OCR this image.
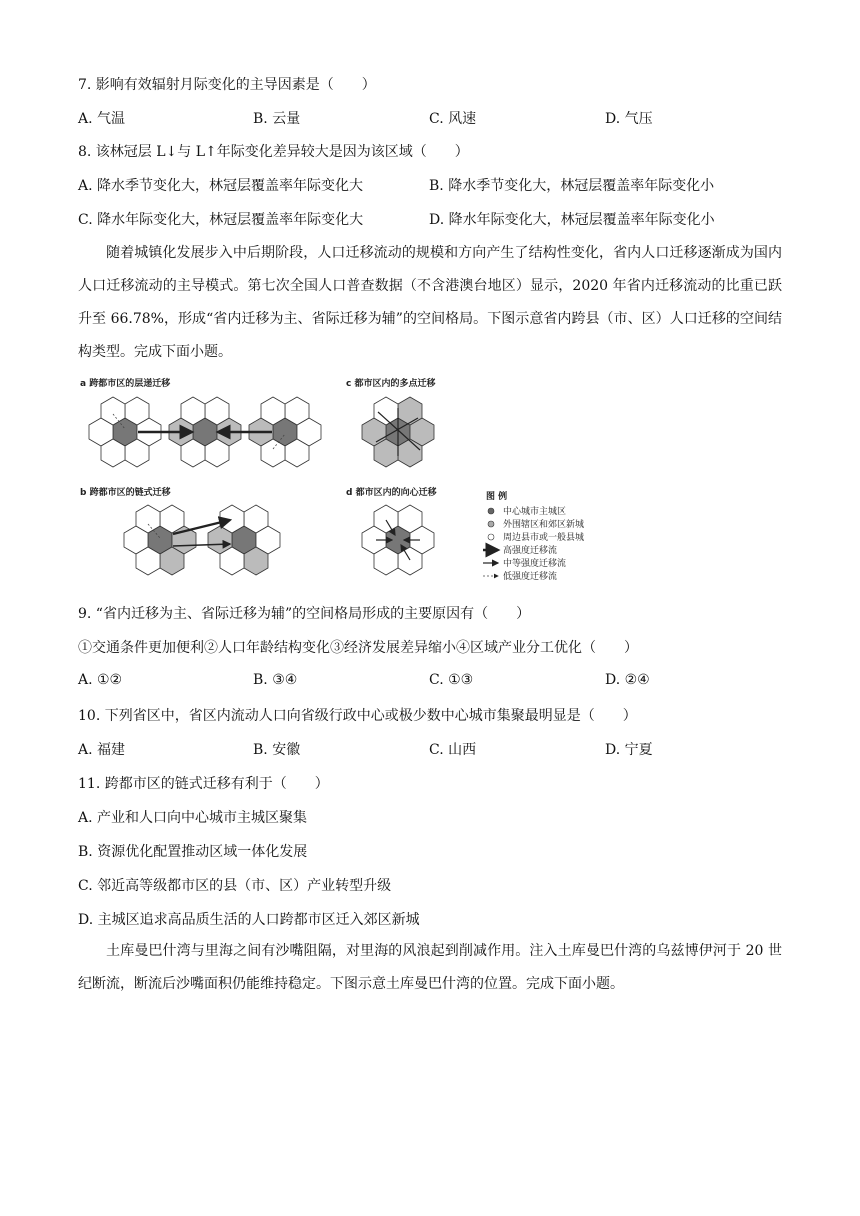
7. 影响有效辐射月际变化的主导因素是（　　）
A. 气温	B. 云量	C. 风速	D. 气压
8. 该林冠层 L↓与 L↑年际变化差异较大是因为该区域（　　）
A. 降水季节变化大，林冠层覆盖率年际变化大	B. 降水季节变化大，林冠层覆盖率年际变化小
C. 降水年际变化大，林冠层覆盖率年际变化大	D. 降水年际变化大，林冠层覆盖率年际变化小
随着城镇化发展步入中后期阶段，人口迁移流动的规模和方向产生了结构性变化，省内人口迁移逐渐成为国内人口迁移流动的主导模式。第七次全国人口普查数据（不含港澳台地区）显示，2020 年省内迁移流动的比重已跃升至 66.78%，形成“省内迁移为主、省际迁移为辅”的空间格局。下图示意省内跨县（市、区）人口迁移的空间结构类型。完成下面小题。
a 跨都市区的层递迁移	c 都市区内的多点迁移
b 跨都市区的链式迁移	d 都市区内的向心迁移	图 例
中心城市主城区
外围辖区和郊区新城
周边县市或一般县城
高强度迁移流
中等强度迁移流
低强度迁移流
9. “省内迁移为主、省际迁移为辅”的空间格局形成的主要原因有（　　）
①交通条件更加便利②人口年龄结构变化③经济发展差异缩小④区域产业分工优化（　　）
A. ①②	B. ③④	C. ①③	D. ②④
10. 下列省区中，省区内流动人口向省级行政中心或极少数中心城市集聚最明显是（　　）
A. 福建	B. 安徽	C. 山西	D. 宁夏
11. 跨都市区的链式迁移有利于（　　）
A. 产业和人口向中心城市主城区聚集
B. 资源优化配置推动区域一体化发展
C. 邻近高等级都市区的县（市、区）产业转型升级
D. 主城区追求高品质生活的人口跨都市区迁入郊区新城
土库曼巴什湾与里海之间有沙嘴阻隔，对里海的风浪起到削减作用。注入土库曼巴什湾的乌兹博伊河于 20 世纪断流，断流后沙嘴面积仍能维持稳定。下图示意土库曼巴什湾的位置。完成下面小题。
